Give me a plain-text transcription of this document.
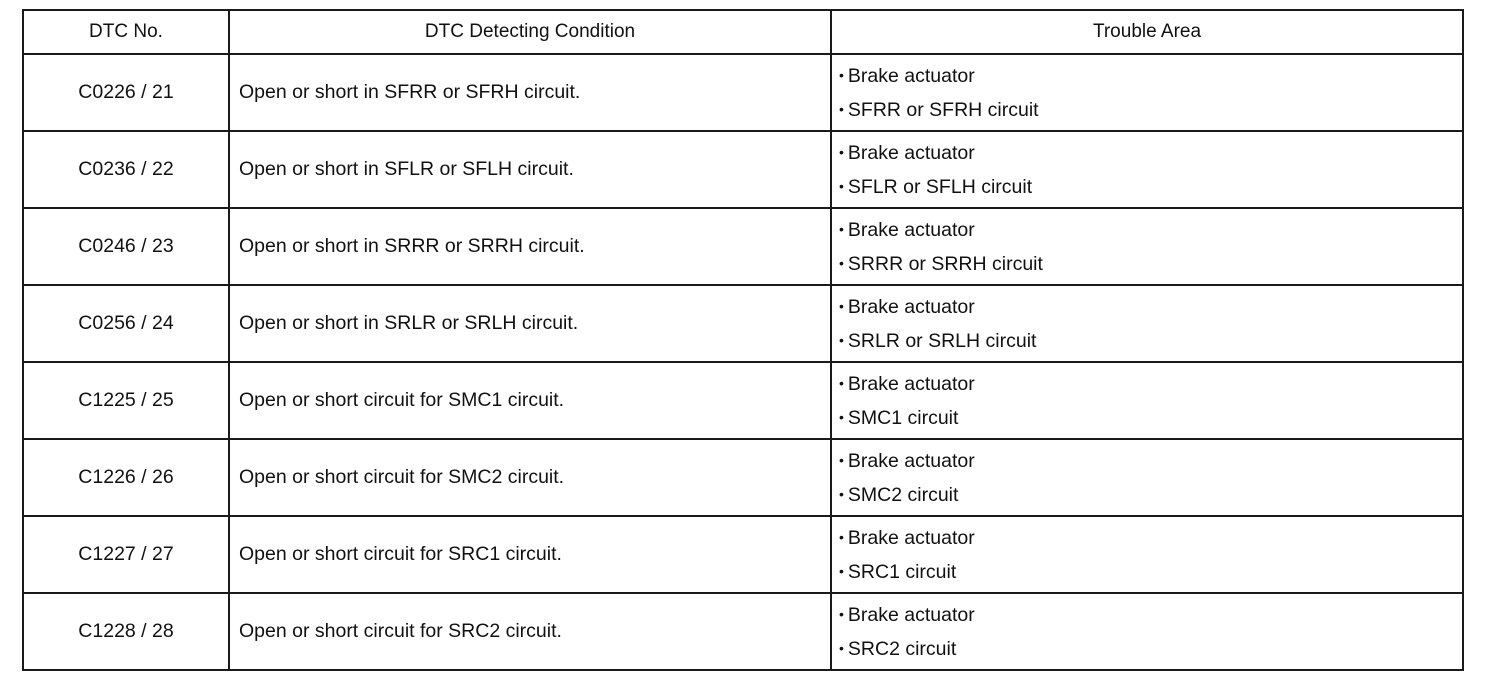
DTC No.	DTC Detecting Condition	Trouble Area
C0226 / 21	Open or short in SFRR or SFRH circuit.	• Brake actuator
• SFRR or SFRH circuit

C0236 / 22	Open or short in SFLR or SFLH circuit.	• Brake actuator
• SFLR or SFLH circuit

C0246 / 23	Open or short in SRRR or SRRH circuit.	• Brake actuator
• SRRR or SRRH circuit

C0256 / 24	Open or short in SRLR or SRLH circuit.	• Brake actuator
• SRLR or SRLH circuit

C1225 / 25	Open or short circuit for SMC1 circuit.	• Brake actuator
• SMC1 circuit

C1226 / 26	Open or short circuit for SMC2 circuit.	• Brake actuator
• SMC2 circuit

C1227 / 27	Open or short circuit for SRC1 circuit.	• Brake actuator
• SRC1 circuit

C1228 / 28	Open or short circuit for SRC2 circuit.	• Brake actuator
• SRC2 circuit
